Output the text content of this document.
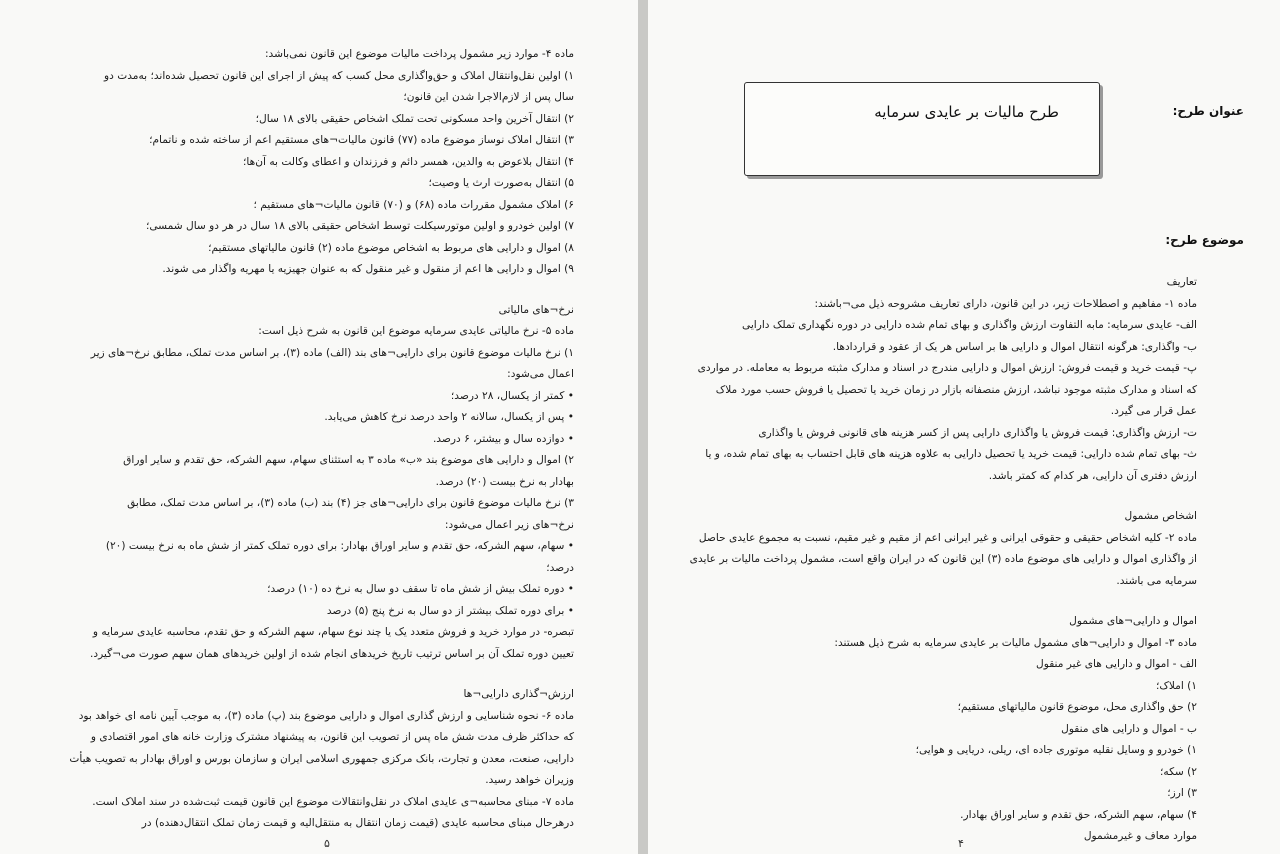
ماده ۴- موارد زیر مشمول پرداخت مالیات موضوع این قانون نمی‌باشد:
۱) اولین نقل‌وانتقال املاک و حق‌واگذاری محل کسب که پیش از اجرای این قانون تحصیل شده‌اند؛ به‌مدت دو
سال پس از لازم‌الاجرا شدن این قانون؛
۲) انتقال آخرین واحد مسکونی تحت تملک اشخاص حقیقی بالای ۱۸ سال؛
۳) انتقال املاک نوساز موضوع ماده (۷۷) قانون مالیات¬های مستقیم اعم از ساخته شده و ناتمام؛
۴) انتقال بلاعوض به والدین، همسر دائم و فرزندان و اعطای وکالت به آن‌ها؛
۵) انتقال به‌صورت ارث یا وصیت؛
۶) املاک مشمول مقررات ماده (۶۸) و (۷۰) قانون مالیات¬های مستقیم ؛
۷) اولین خودرو و اولین موتورسیکلت توسط اشخاص حقیقی بالای ۱۸ سال در هر دو سال شمسی؛
۸) اموال و دارایی های مربوط به اشخاص موضوع ماده (۲) قانون مالیاتهای مستقیم؛
۹) اموال و دارایی ها اعم از منقول و غیر منقول که به عنوان جهیزیه یا مهریه واگذار می شوند.
نرخ¬های مالیاتی
ماده ۵- نرخ مالیاتی عایدی سرمایه موضوع این قانون به شرح ذیل است:
۱) نرخ مالیات موضوع قانون برای دارایی¬های بند (الف) ماده (۳)، بر اساس مدت تملک، مطابق نرخ¬های زیر
اعمال می‌شود:
• کمتر از یکسال، ۲۸ درصد؛
• پس از یکسال، سالانه ۲ واحد درصد نرخ کاهش می‌یابد.
• دوازده سال و بیشتر، ۶ درصد.
۲) اموال و دارایی های موضوع بند «ب» ماده ۳ به استثنای سهام، سهم الشرکه، حق تقدم و سایر اوراق
بهادار به نرخ بیست (۲۰) درصد.
۳) نرخ مالیات موضوع قانون برای دارایی¬های جز (۴) بند (ب) ماده (۳)، بر اساس مدت تملک، مطابق
نرخ¬های زیر اعمال می‌شود:
• سهام، سهم الشرکه، حق تقدم و سایر اوراق بهادار: برای دوره تملک کمتر از شش ماه به نرخ بیست (۲۰)
درصد؛
• دوره تملک بیش از شش ماه تا سقف دو سال به نرخ ده (۱۰) درصد؛
• برای دوره تملک بیشتر از دو سال به نرخ پنج (۵) درصد
تبصره- در موارد خرید و فروش متعدد یک یا چند نوع سهام، سهم الشرکه و حق تقدم، محاسبه عایدی سرمایه و
تعیین دوره تملک آن بر اساس ترتیب تاریخ خریدهای انجام شده از اولین خریدهای همان سهم صورت می¬گیرد.
ارزش¬گذاری دارایی¬ها
ماده ۶- نحوه شناسایی و ارزش گذاری اموال و دارایی موضوع بند (پ) ماده (۳)، به موجب آیین نامه ای خواهد بود
که حداکثر ظرف مدت شش ماه پس از تصویب این قانون، به پیشنهاد مشترک وزارت خانه های امور اقتصادی و
دارایی، صنعت، معدن و تجارت، بانک مرکزی جمهوری اسلامی ایران و سازمان بورس و اوراق بهادار به تصویب هیأت
وزیران خواهد رسید.
ماده ۷- مبنای محاسبه¬ی عایدی املاک در نقل‌وانتقالات موضوع این قانون قیمت ثبت‌شده در سند املاک است.
درهرحال مبنای محاسبه عایدی (قیمت زمان انتقال به منتقل‌الیه و قیمت زمان تملک انتقال‌دهنده) در
۵
عنوان طرح:
طرح مالیات بر عایدی سرمایه
موضوع طرح:
تعاریف
ماده ۱- مفاهیم و اصطلاحات زیر، در این قانون، دارای تعاریف مشروحه ذیل می¬باشند:
الف- عایدی سرمایه: مابه التفاوت ارزش واگذاری و بهای تمام شده دارایی در دوره نگهداری تملک دارایی
ب- واگذاری: هرگونه انتقال اموال و دارایی ها بر اساس هر یک از عقود و قراردادها.
پ- قیمت خرید و قیمت فروش: ارزش اموال و دارایی مندرج در اسناد و مدارک مثبته مربوط به معامله. در مواردی
که اسناد و مدارک مثبته موجود نباشد، ارزش منصفانه بازار در زمان خرید یا تحصیل یا فروش حسب مورد ملاک
عمل قرار می گیرد.
ت- ارزش واگذاری: قیمت فروش یا واگذاری دارایی پس از کسر هزینه های قانونی فروش یا واگذاری
ث- بهای تمام شده دارایی: قیمت خرید یا تحصیل دارایی به علاوه هزینه های قابل احتساب به بهای تمام شده، و یا
ارزش دفتری آن دارایی، هر کدام که کمتر باشد.
اشخاص مشمول
ماده ۲- کلیه اشخاص حقیقی و حقوقی ایرانی و غیر ایرانی اعم از مقیم و غیر مقیم، نسبت به مجموع عایدی حاصل
از واگذاری اموال و دارایی های موضوع ماده (۳) این قانون که در ایران واقع است، مشمول پرداخت مالیات بر عایدی
سرمایه می باشند.
اموال و دارایی¬های مشمول
ماده ۳- اموال و دارایی¬های مشمول مالیات بر عایدی سرمایه به شرح ذیل هستند:
الف - اموال و دارایی های غیر منقول
۱) املاک؛
۲) حق واگذاری محل، موضوع قانون مالیاتهای مستقیم؛
ب - اموال و دارایی های منقول
۱) خودرو و وسایل نقلیه موتوری جاده ای، ریلی، دریایی و هوایی؛
۲) سکه؛
۳) ارز؛
۴) سهام، سهم الشرکه، حق تقدم و سایر اوراق بهادار.
موارد معاف و غیرمشمول
۴
